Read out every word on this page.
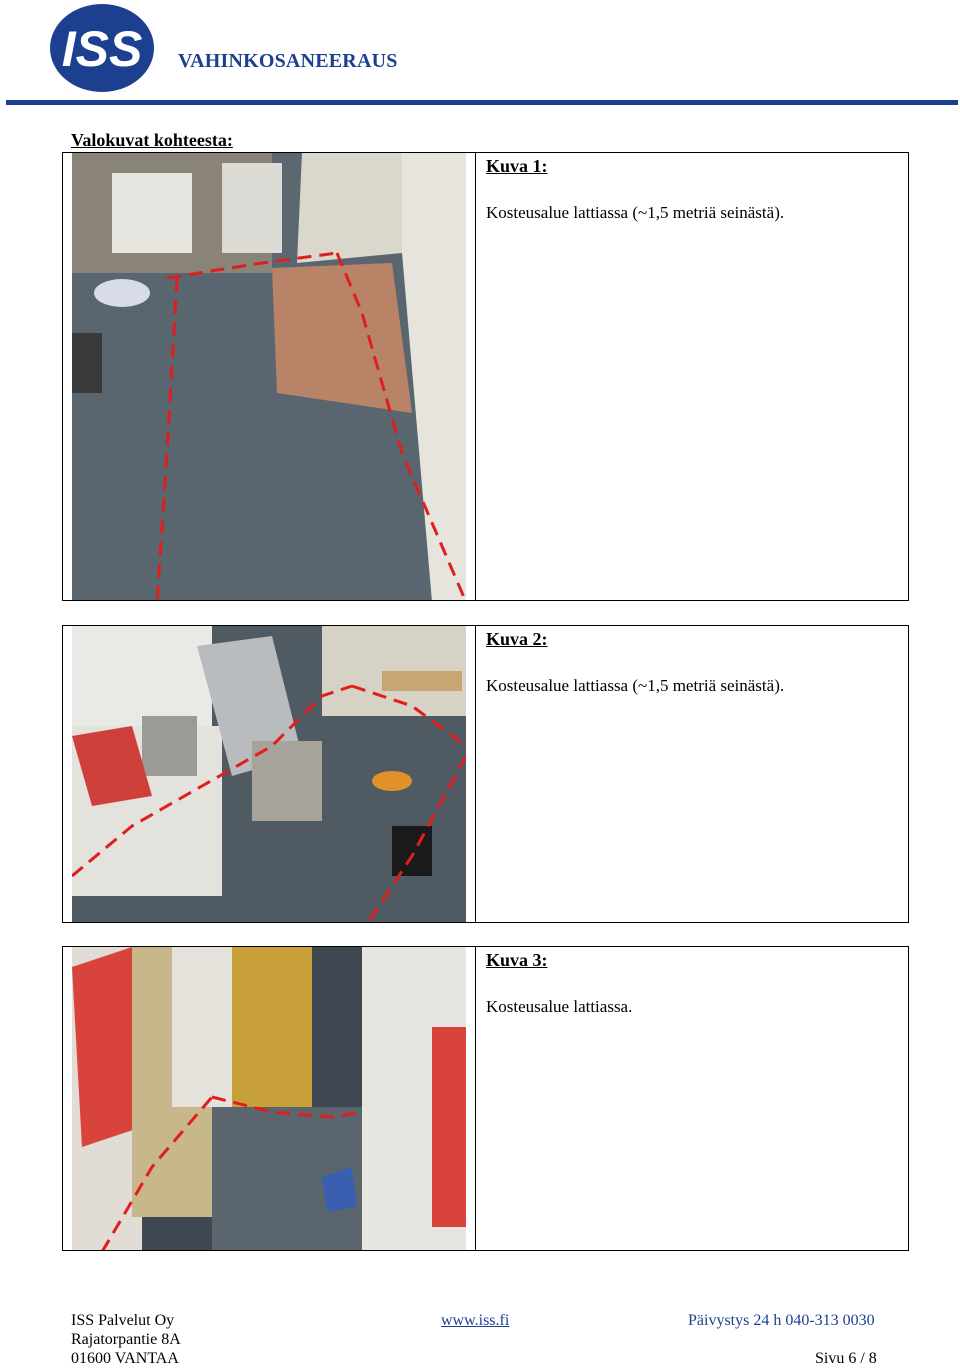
ISS VAHINKOSANEERAUS
Valokuvat kohteesta:
Kuva 1:
Kosteusalue lattiassa (~1,5 metriä seinästä).
Kuva 2:
Kosteusalue lattiassa (~1,5 metriä seinästä).
Kuva 3:
Kosteusalue lattiassa.
ISS Palvelut Oy
Rajatorpantie 8A
01600 VANTAA
www.iss.fi	Päivystys 24 h 040-313 0030
Sivu 6 / 8
